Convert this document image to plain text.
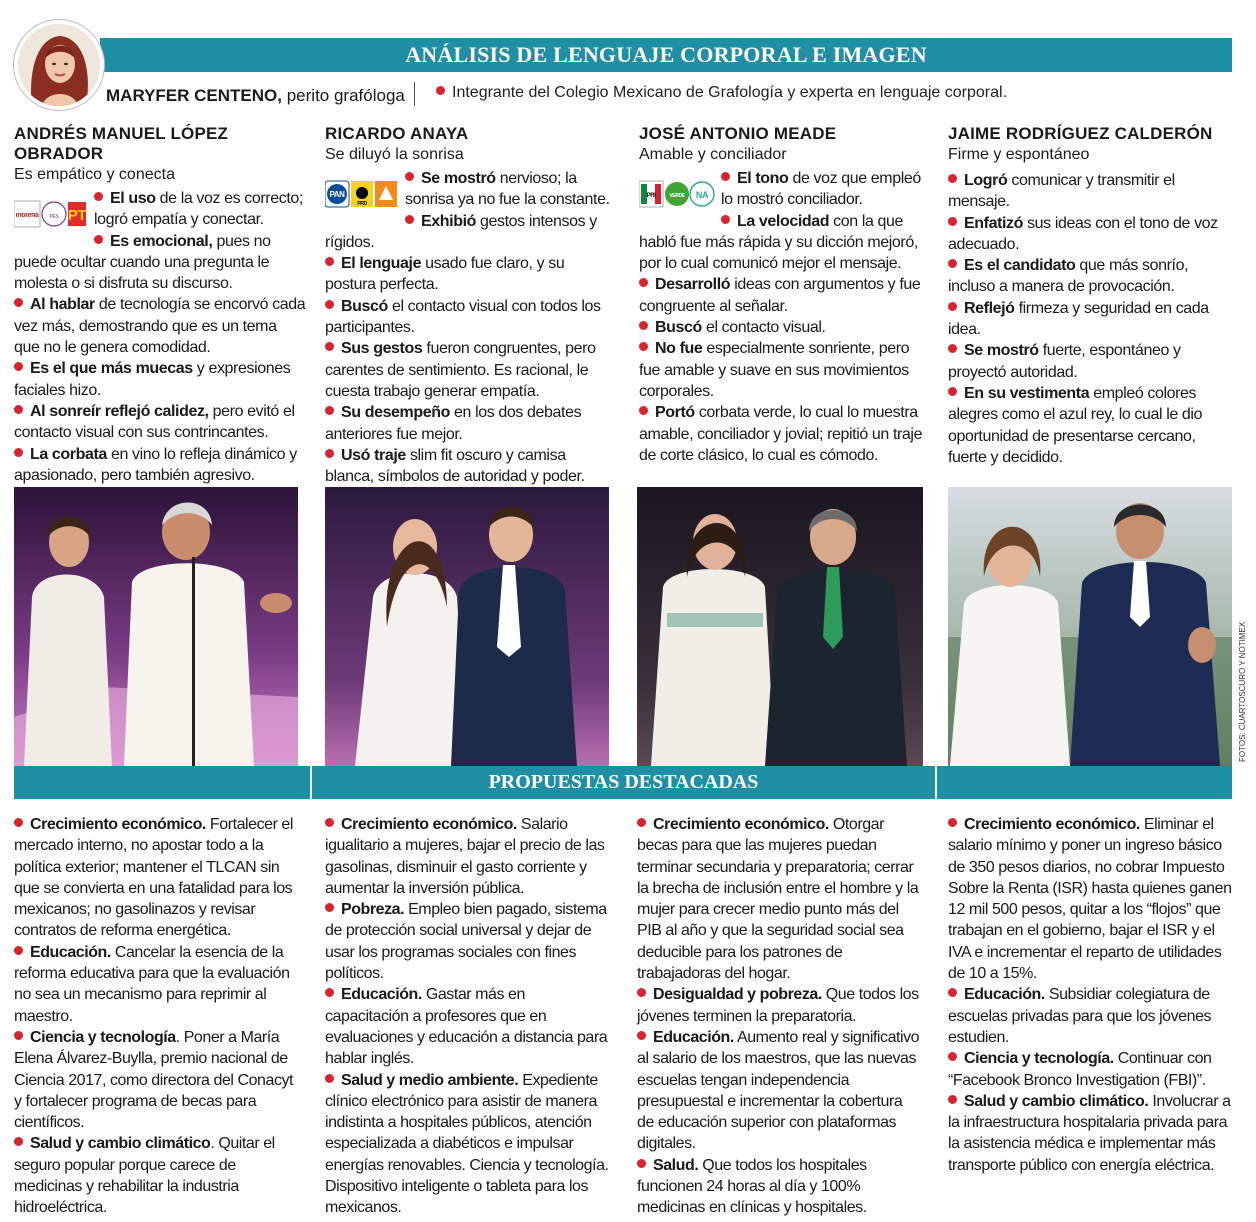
ANÁLISIS DE LENGUAJE CORPORAL E IMAGEN
MARYFER CENTENO, perito grafóloga	Integrante del Colegio Mexicano de Grafología y experta en lenguaje corporal.
ANDRÉS MANUEL LÓPEZ OBRADOR
Es empático y conecta
morena PES PT

El uso de la voz es correcto; logró empatía y conectar.

Es emocional, pues no puede ocultar cuando una pregunta le molesta o si disfruta su discurso.

Al hablar de tecnología se encorvó cada vez más, demostrando que es un tema que no le genera comodidad.

Es el que más muecas y expresiones faciales hizo.

Al sonreír reflejó calidez, pero evitó el contacto visual con sus contrincantes.

La corbata en vino lo refleja dinámico y apasionado, pero también agresivo.

RICARDO ANAYA
Se diluyó la sonrisa
PAN
PRD

Se mostró nervioso; la sonrisa ya no fue la constante.

Exhibió gestos intensos y rígidos.

El lenguaje usado fue claro, y su postura perfecta.

Buscó el contacto visual con todos los participantes.

Sus gestos fueron congruentes, pero carentes de sentimiento. Es racional, le cuesta trabajo generar empatía.

Su desempeño en los dos debates anteriores fue mejor.

Usó traje slim fit oscuro y camisa blanca, símbolos de autoridad y poder.

JOSÉ ANTONIO MEADE
Amable y conciliador
PRI	VERDE NA

El tono de voz que empleó lo mostró conciliador.

La velocidad con la que habló fue más rápida y su dicción mejoró, por lo cual comunicó mejor el mensaje.

Desarrolló ideas con argumentos y fue congruente al señalar.

Buscó el contacto visual.

No fue especialmente sonriente, pero fue amable y suave en sus movimientos corporales.

Portó corbata verde, lo cual lo muestra amable, conciliador y jovial; repitió un traje de corte clásico, lo cual es cómodo.

JAIME RODRÍGUEZ CALDERÓN
Firme y espontáneo

Logró comunicar y transmitir el mensaje.

Enfatizó sus ideas con el tono de voz adecuado.

Es el candidato que más sonrío, incluso a manera de provocación.

Reflejó firmeza y seguridad en cada idea.

Se mostró fuerte, espontáneo y proyectó autoridad.

En su vestimenta empleó colores alegres como el azul rey, lo cual le dio oportunidad de presentarse cercano, fuerte y decidido.

FOTOS: CUARTOSCURO Y NOTIMEX
PROPUESTAS DESTACADAS

Crecimiento económico. Fortalecer el mercado interno, no apostar todo a la política exterior; mantener el TLCAN sin que se convierta en una fatalidad para los mexicanos; no gasolinazos y revisar contratos de reforma energética.

Educación. Cancelar la esencia de la reforma educativa para que la evaluación no sea un mecanismo para reprimir al maestro.

Ciencia y tecnología. Poner a María Elena Álvarez-Buylla, premio nacional de Ciencia 2017, como directora del Conacyt y fortalecer programa de becas para científicos.

Salud y cambio climático. Quitar el seguro popular porque carece de medicinas y rehabilitar la industria hidroeléctrica.

Crecimiento económico. Salario igualitario a mujeres, bajar el precio de las gasolinas, disminuir el gasto corriente y aumentar la inversión pública.

Pobreza. Empleo bien pagado, sistema de protección social universal y dejar de usar los programas sociales con fines políticos.

Educación. Gastar más en capacitación a profesores que en evaluaciones y educación a distancia para hablar inglés.

Salud y medio ambiente. Expediente clínico electrónico para asistir de manera indistinta a hospitales públicos, atención especializada a diabéticos e impulsar energías renovables. Ciencia y tecnología. Dispositivo inteligente o tableta para los mexicanos.

Crecimiento económico. Otorgar becas para que las mujeres puedan terminar secundaria y preparatoria; cerrar la brecha de inclusión entre el hombre y la mujer para crecer medio punto más del PIB al año y que la seguridad social sea deducible para los patrones de trabajadoras del hogar.

Desigualdad y pobreza. Que todos los jóvenes terminen la preparatoria.

Educación. Aumento real y significativo al salario de los maestros, que las nuevas escuelas tengan independencia presupuestal e incrementar la cobertura de educación superior con plataformas digitales.

Salud. Que todos los hospitales funcionen 24 horas al día y 100% medicinas en clínicas y hospitales.

Crecimiento económico. Eliminar el salario mínimo y poner un ingreso básico de 350 pesos diarios, no cobrar Impuesto Sobre la Renta (ISR) hasta quienes ganen 12 mil 500 pesos, quitar a los “flojos” que trabajan en el gobierno, bajar el ISR y el IVA e incrementar el reparto de utilidades de 10 a 15%.

Educación. Subsidiar colegiatura de escuelas privadas para que los jóvenes estudien.

Ciencia y tecnología. Continuar con “Facebook Bronco Investigation (FBI)”.

Salud y cambio climático. Involucrar a la infraestructura hospitalaria privada para la asistencia médica e implementar más transporte público con energía eléctrica.
